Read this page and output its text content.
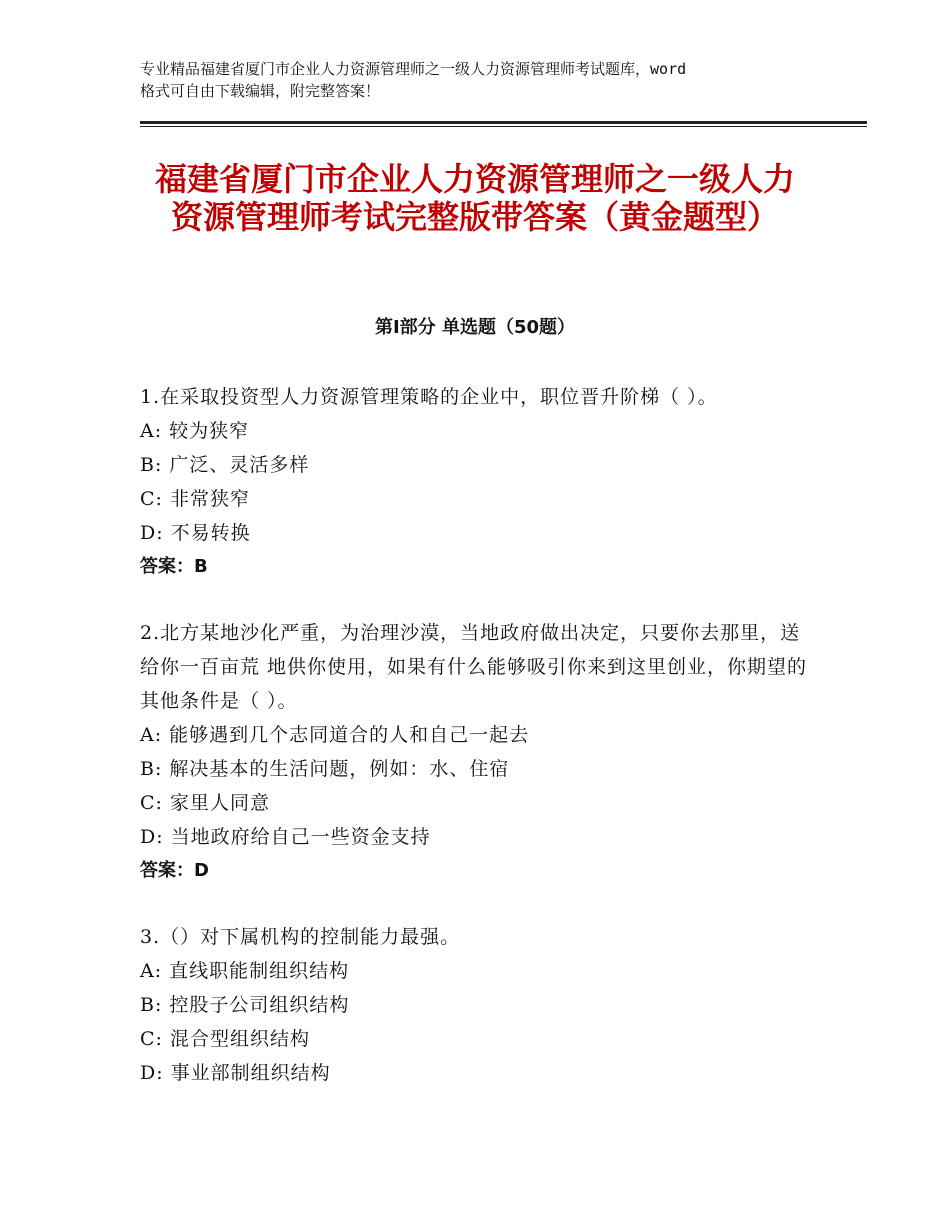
专业精品福建省厦门市企业人力资源管理师之一级人力资源管理师考试题库，word
格式可自由下载编辑，附完整答案！
福建省厦门市企业人力资源管理师之一级人力资源管理师考试完整版带答案（黄金题型）
第Ⅰ部分 单选题（50题）
1.在采取投资型人力资源管理策略的企业中，职位晋升阶梯（ ）。
A: 较为狭窄
B: 广泛、灵活多样
C: 非常狭窄
D: 不易转换
答案：B
2.北方某地沙化严重，为治理沙漠，当地政府做出决定，只要你去那里，送给你一百亩荒 地供你使用，如果有什么能够吸引你来到这里创业，你期望的其他条件是（ ）。
A: 能够遇到几个志同道合的人和自己一起去
B: 解决基本的生活问题，例如：水、住宿
C: 家里人同意
D: 当地政府给自己一些资金支持
答案：D
3.（）对下属机构的控制能力最强。
A: 直线职能制组织结构
B: 控股子公司组织结构
C: 混合型组织结构
D: 事业部制组织结构
